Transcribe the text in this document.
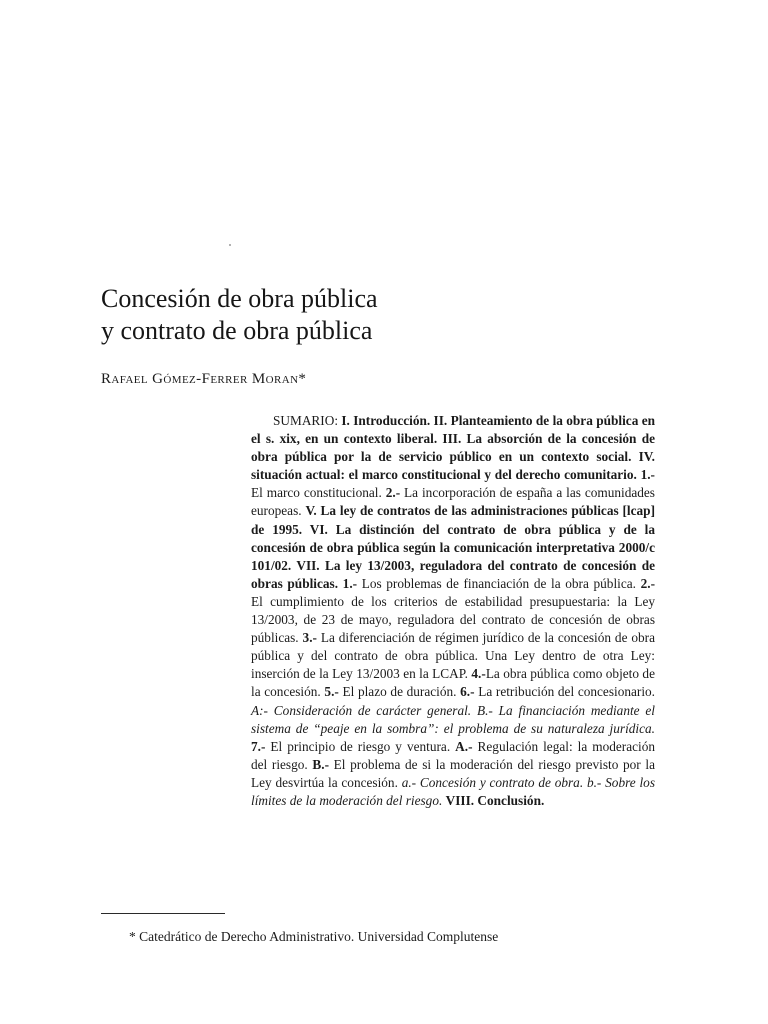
Concesión de obra pública
y contrato de obra pública
Rafael Gómez-Ferrer Moran*

SUMARIO: I. Introducción. II. Planteamiento de la obra pública en el s. xix, en un contexto liberal. III. La absorción de la concesión de obra pública por la de servicio público en un contexto social. IV. situación actual: el marco constitucional y del derecho comunitario. 1.- El marco constitucional. 2.- La incorporación de españa a las comunidades europeas. V. La ley de contratos de las administraciones públicas [lcap] de 1995. VI. La distinción del contrato de obra pública y de la concesión de obra pública según la comunicación interpretativa 2000/c 101/02. VII. La ley 13/2003, reguladora del contrato de concesión de obras públicas. 1.- Los problemas de financiación de la obra pública. 2.- El cumplimiento de los criterios de estabilidad presupuestaria: la Ley 13/2003, de 23 de mayo, reguladora del contrato de concesión de obras públicas. 3.- La diferenciación de régimen jurídico de la concesión de obra pública y del contrato de obra pública. Una Ley dentro de otra Ley: inserción de la Ley 13/2003 en la LCAP. 4.-La obra pública como objeto de la concesión. 5.- El plazo de duración. 6.- La retribución del concesionario. A:- Consideración de carácter general. B.- La financiación mediante el sistema de “peaje en la sombra”: el problema de su naturaleza jurídica. 7.- El principio de riesgo y ventura. A.- Regulación legal: la moderación del riesgo. B.- El problema de si la moderación del riesgo previsto por la Ley desvirtúa la concesión. a.- Concesión y contrato de obra. b.- Sobre los límites de la moderación del riesgo. VIII. Conclusión.

* Catedrático de Derecho Administrativo. Universidad Complutense
